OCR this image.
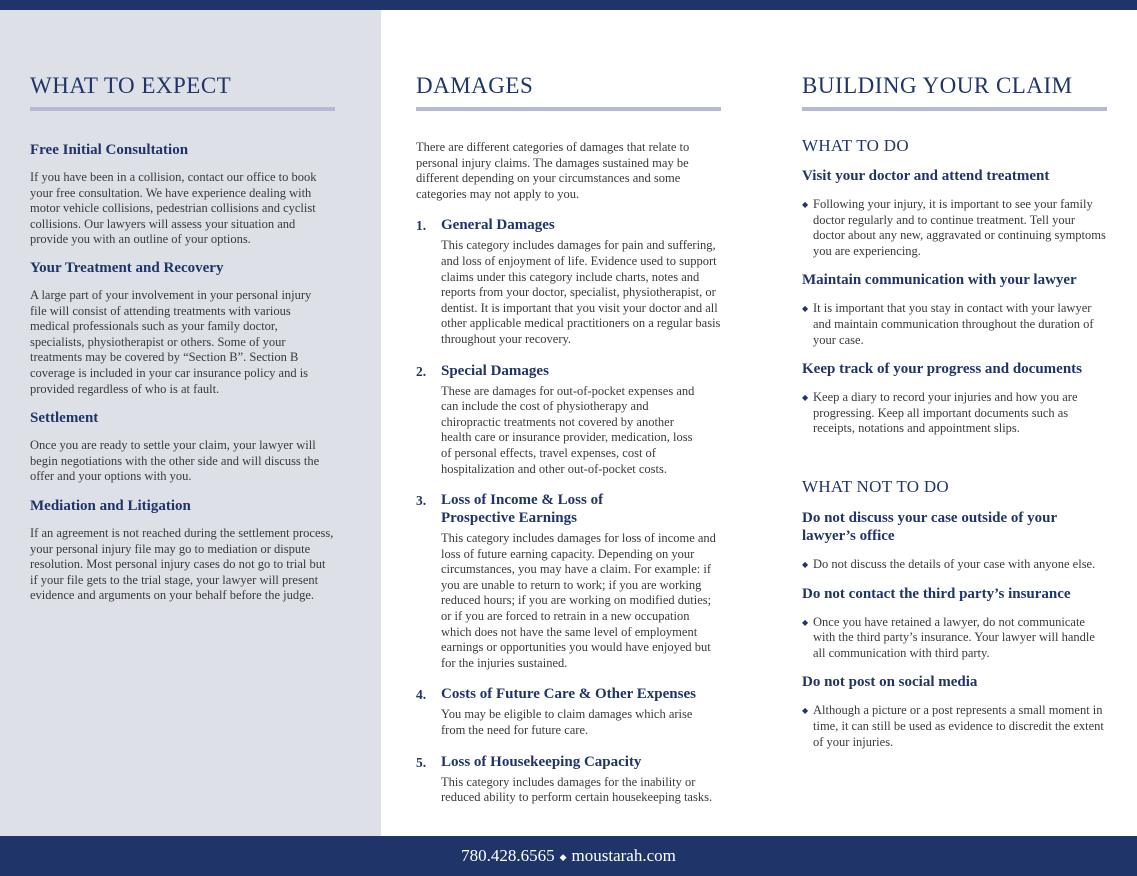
WHAT TO EXPECT
Free Initial Consultation

If you have been in a collision, contact our office to book your free consultation. We have experience dealing with motor vehicle collisions, pedestrian collisions and cyclist collisions. Our lawyers will assess your situation and provide you with an outline of your options.

Your Treatment and Recovery

A large part of your involvement in your personal injury file will consist of attending treatments with various medical professionals such as your family doctor, specialists, physiotherapist or others. Some of your treatments may be covered by “Section B”. Section B coverage is included in your car insurance policy and is provided regardless of who is at fault.

Settlement

Once you are ready to settle your claim, your lawyer will begin negotiations with the other side and will discuss the offer and your options with you.

Mediation and Litigation

If an agreement is not reached during the settlement process, your personal injury file may go to mediation or dispute resolution. Most personal injury cases do not go to trial but if your file gets to the trial stage, your lawyer will present evidence and arguments on your behalf before the judge.

DAMAGES

There are different categories of damages that relate to personal injury claims. The damages sustained may be different depending on your circumstances and some categories may not apply to you.

1. General Damages

This category includes damages for pain and suffering, and loss of enjoyment of life. Evidence used to support claims under this category include charts, notes and reports from your doctor, specialist, physiotherapist, or dentist. It is important that you visit your doctor and all other applicable medical practitioners on a regular basis throughout your recovery.

2. Special Damages

These are damages for out-of-pocket expenses and can include the cost of physiotherapy and chiropractic treatments not covered by another health care or insurance provider, medication, loss of personal effects, travel expenses, cost of hospitalization and other out-of-pocket costs.

3. Loss of Income & Loss of Prospective Earnings

This category includes damages for loss of income and loss of future earning capacity. Depending on your circumstances, you may have a claim. For example: if you are unable to return to work; if you are working reduced hours; if you are working on modified duties; or if you are forced to retrain in a new occupation which does not have the same level of employment earnings or opportunities you would have enjoyed but for the injuries sustained.

4. Costs of Future Care & Other Expenses

You may be eligible to claim damages which arise from the need for future care.

5. Loss of Housekeeping Capacity

This category includes damages for the inability or reduced ability to perform certain housekeeping tasks.

BUILDING YOUR CLAIM
WHAT TO DO
Visit your doctor and attend treatment
◆ Following your injury, it is important to see your family doctor regularly and to continue treatment. Tell your doctor about any new, aggravated or continuing symptoms you are experiencing.

Maintain communication with your lawyer
◆ It is important that you stay in contact with your lawyer and maintain communication throughout the duration of your case.

Keep track of your progress and documents
◆ Keep a diary to record your injuries and how you are progressing. Keep all important documents such as receipts, notations and appointment slips.

WHAT NOT TO DO
Do not discuss your case outside of your lawyer’s office
◆ Do not discuss the details of your case with anyone else.

Do not contact the third party’s insurance
◆ Once you have retained a lawyer, do not communicate with the third party’s insurance. Your lawyer will handle all communication with third party.

Do not post on social media
◆ Although a picture or a post represents a small moment in time, it can still be used as evidence to discredit the extent of your injuries.

780.428.6565 ◆ moustarah.com
